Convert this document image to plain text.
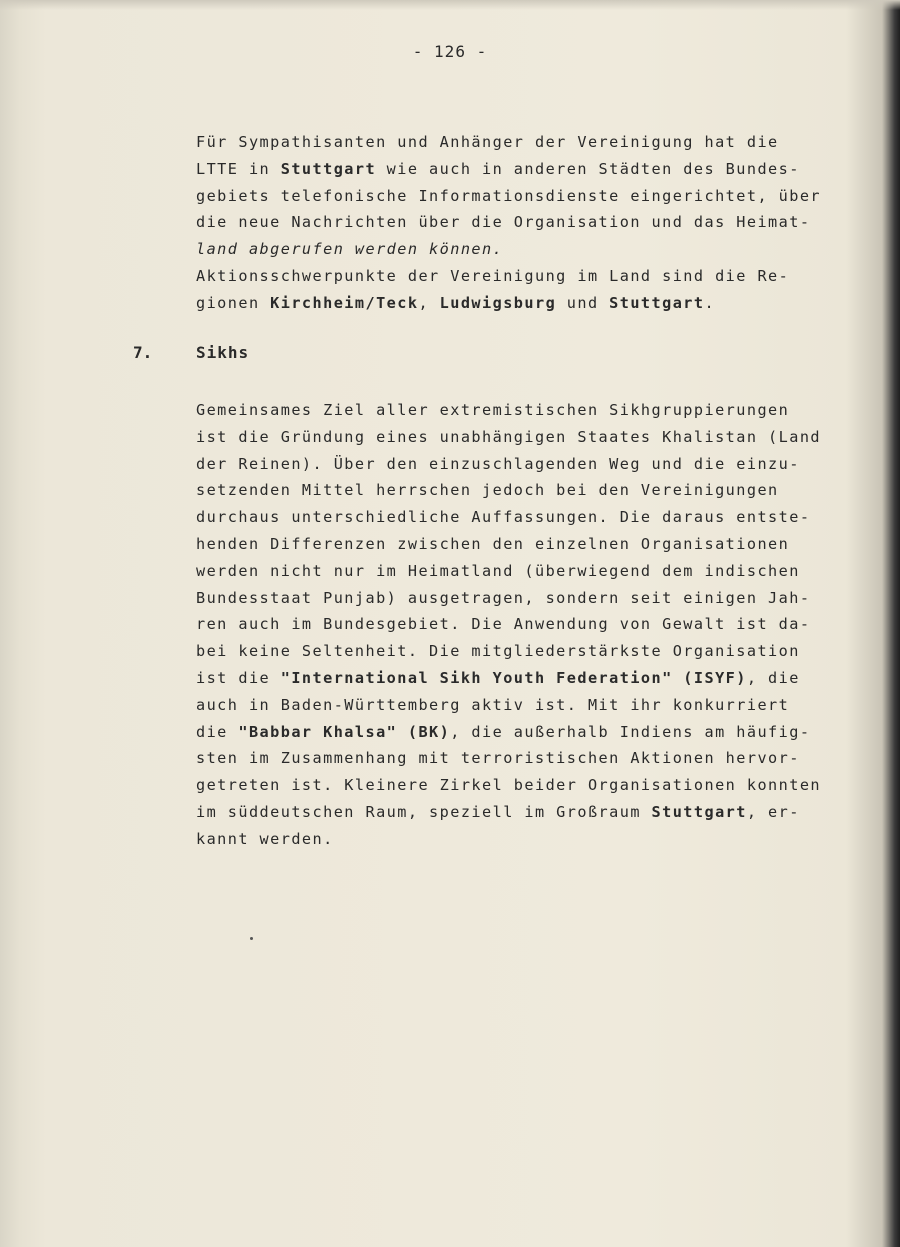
- 126 -
Für Sympathisanten und Anhänger der Vereinigung hat die
LTTE in Stuttgart wie auch in anderen Städten des Bundes-
gebiets telefonische Informationsdienste eingerichtet, über
die neue Nachrichten über die Organisation und das Heimat-
land abgerufen werden können.
Aktionsschwerpunkte der Vereinigung im Land sind die Re-
gionen Kirchheim/Teck, Ludwigsburg und Stuttgart.
7.	Sikhs
Gemeinsames Ziel aller extremistischen Sikhgruppierungen
ist die Gründung eines unabhängigen Staates Khalistan (Land
der Reinen). Über den einzuschlagenden Weg und die einzu-
setzenden Mittel herrschen jedoch bei den Vereinigungen
durchaus unterschiedliche Auffassungen. Die daraus entste-
henden Differenzen zwischen den einzelnen Organisationen
werden nicht nur im Heimatland (überwiegend dem indischen
Bundesstaat Punjab) ausgetragen, sondern seit einigen Jah-
ren auch im Bundesgebiet. Die Anwendung von Gewalt ist da-
bei keine Seltenheit. Die mitgliederstärkste Organisation
ist die "International Sikh Youth Federation" (ISYF), die
auch in Baden-Württemberg aktiv ist. Mit ihr konkurriert
die "Babbar Khalsa" (BK), die außerhalb Indiens am häufig-
sten im Zusammenhang mit terroristischen Aktionen hervor-
getreten ist. Kleinere Zirkel beider Organisationen konnten
im süddeutschen Raum, speziell im Großraum Stuttgart, er-
kannt werden.
